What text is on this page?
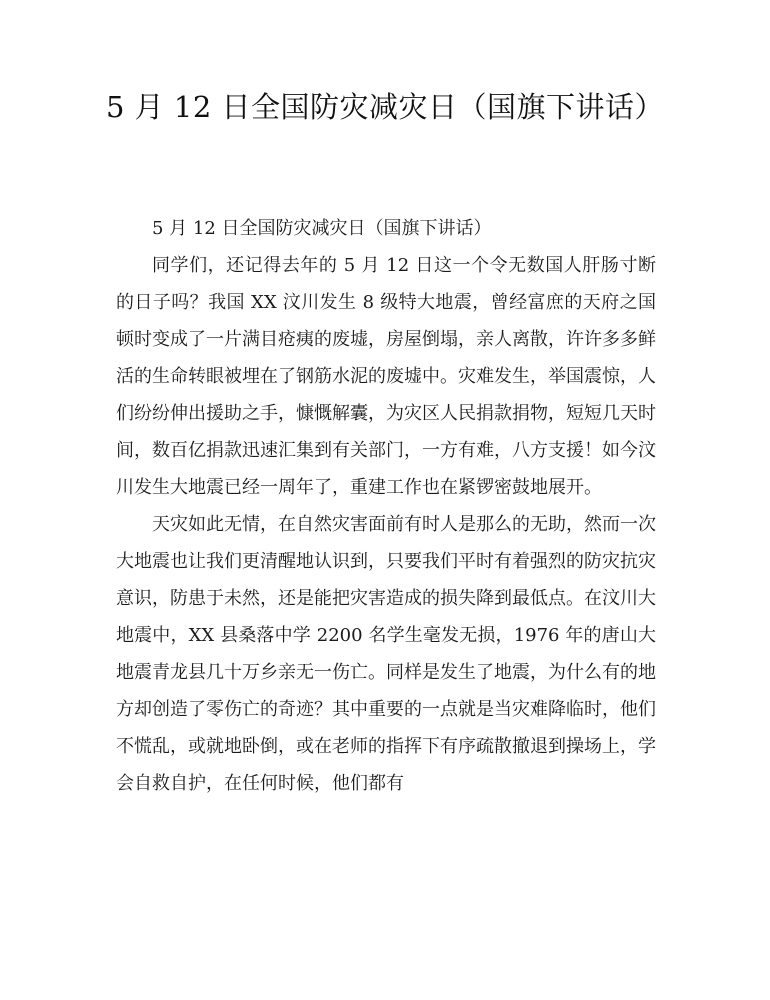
5 月 12 日全国防灾减灾日（国旗下讲话）

5 月 12 日全国防灾减灾日（国旗下讲话）

同学们，还记得去年的 5 月 12 日这一个令无数国人肝肠寸断的日子吗？我国 XX 汶川发生 8 级特大地震，曾经富庶的天府之国顿时变成了一片满目疮痍的废墟，房屋倒塌，亲人离散，许许多多鲜活的生命转眼被埋在了钢筋水泥的废墟中。灾难发生，举国震惊，人们纷纷伸出援助之手，慷慨解囊，为灾区人民捐款捐物，短短几天时间，数百亿捐款迅速汇集到有关部门，一方有难，八方支援！如今汶川发生大地震已经一周年了，重建工作也在紧锣密鼓地展开。

天灾如此无情，在自然灾害面前有时人是那么的无助，然而一次大地震也让我们更清醒地认识到，只要我们平时有着强烈的防灾抗灾意识，防患于未然，还是能把灾害造成的损失降到最低点。在汶川大地震中，XX 县桑落中学 2200 名学生毫发无损，1976 年的唐山大地震青龙县几十万乡亲无一伤亡。同样是发生了地震，为什么有的地方却创造了零伤亡的奇迹？其中重要的一点就是当灾难降临时，他们不慌乱，或就地卧倒，或在老师的指挥下有序疏散撤退到操场上，学会自救自护，在任何时候，他们都有
